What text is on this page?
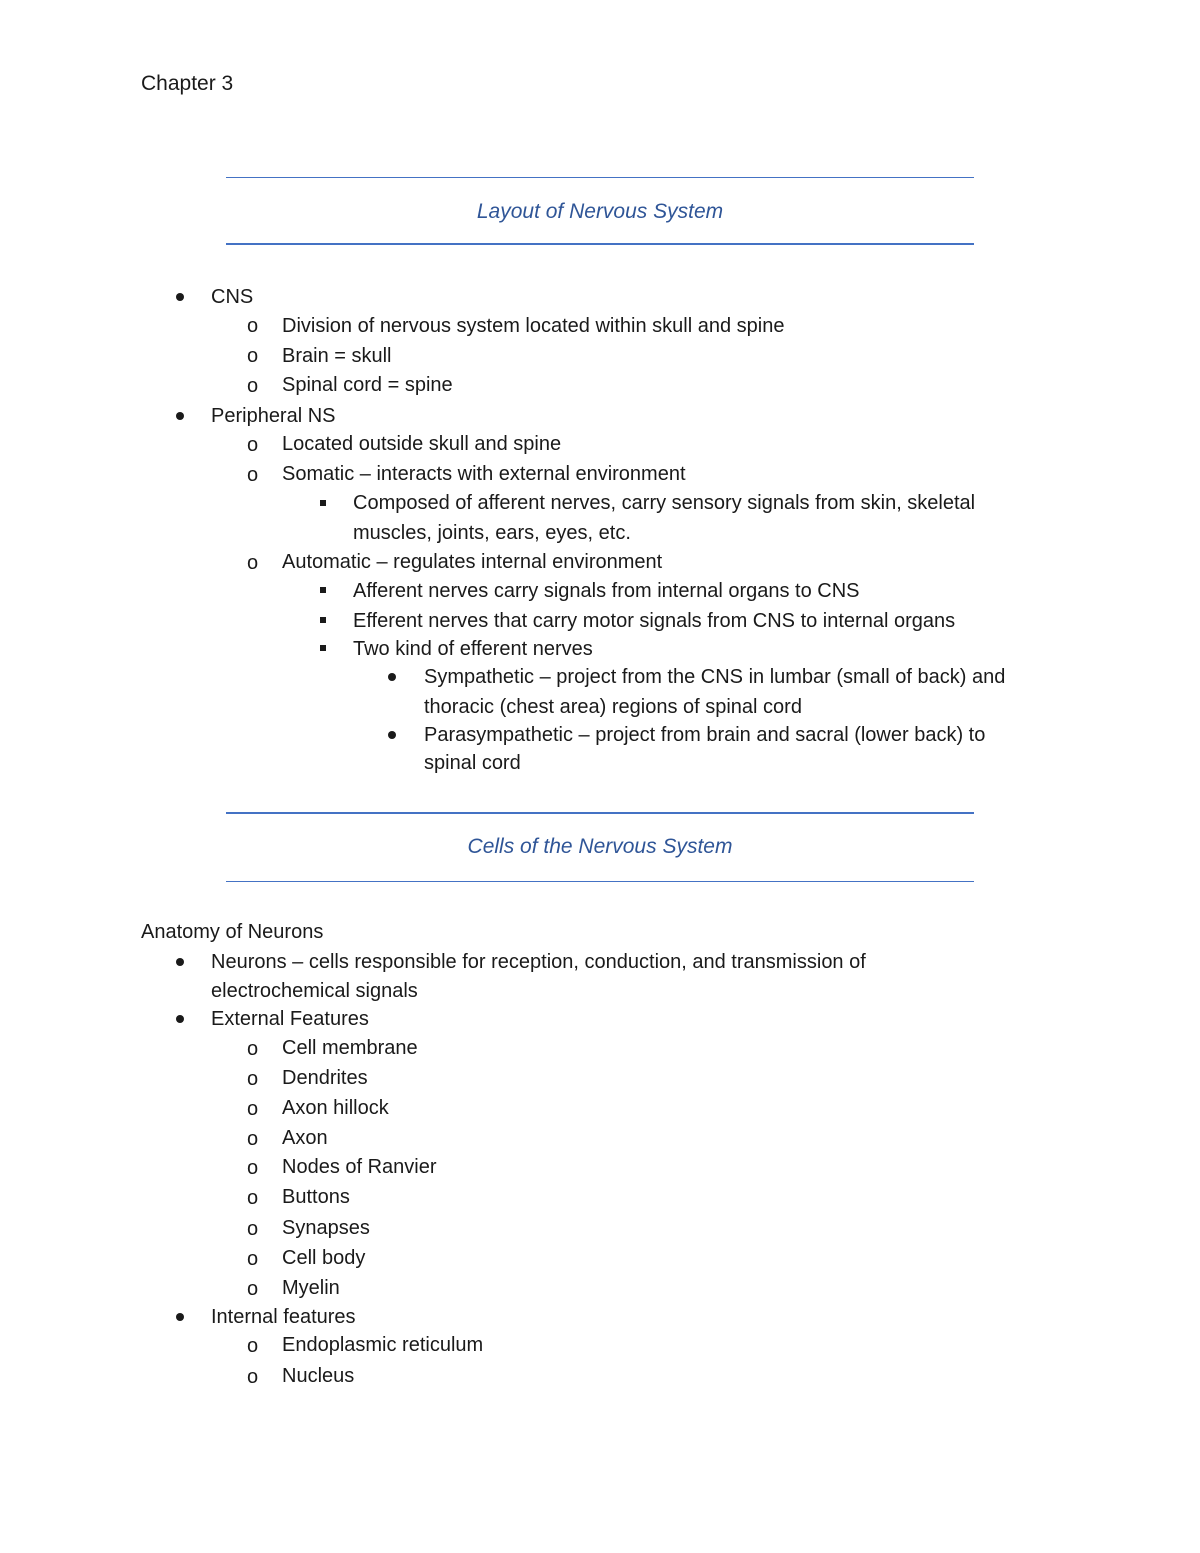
Chapter 3
Layout of Nervous System
CNS
o Division of nervous system located within skull and spine
o Brain = skull
o Spinal cord = spine
Peripheral NS
o Located outside skull and spine
o Somatic – interacts with external environment
Composed of afferent nerves, carry sensory signals from skin, skeletal
muscles, joints, ears, eyes, etc.
o Automatic – regulates internal environment
Afferent nerves carry signals from internal organs to CNS
Efferent nerves that carry motor signals from CNS to internal organs
Two kind of efferent nerves
Sympathetic – project from the CNS in lumbar (small of back) and
thoracic (chest area) regions of spinal cord
Parasympathetic – project from brain and sacral (lower back) to
spinal cord
Cells of the Nervous System
Anatomy of Neurons
Neurons – cells responsible for reception, conduction, and transmission of
electrochemical signals
External Features
o Cell membrane
o Dendrites
o Axon hillock
o Axon
o Nodes of Ranvier
o Buttons
o Synapses
o Cell body
o Myelin
Internal features
o Endoplasmic reticulum
o Nucleus
